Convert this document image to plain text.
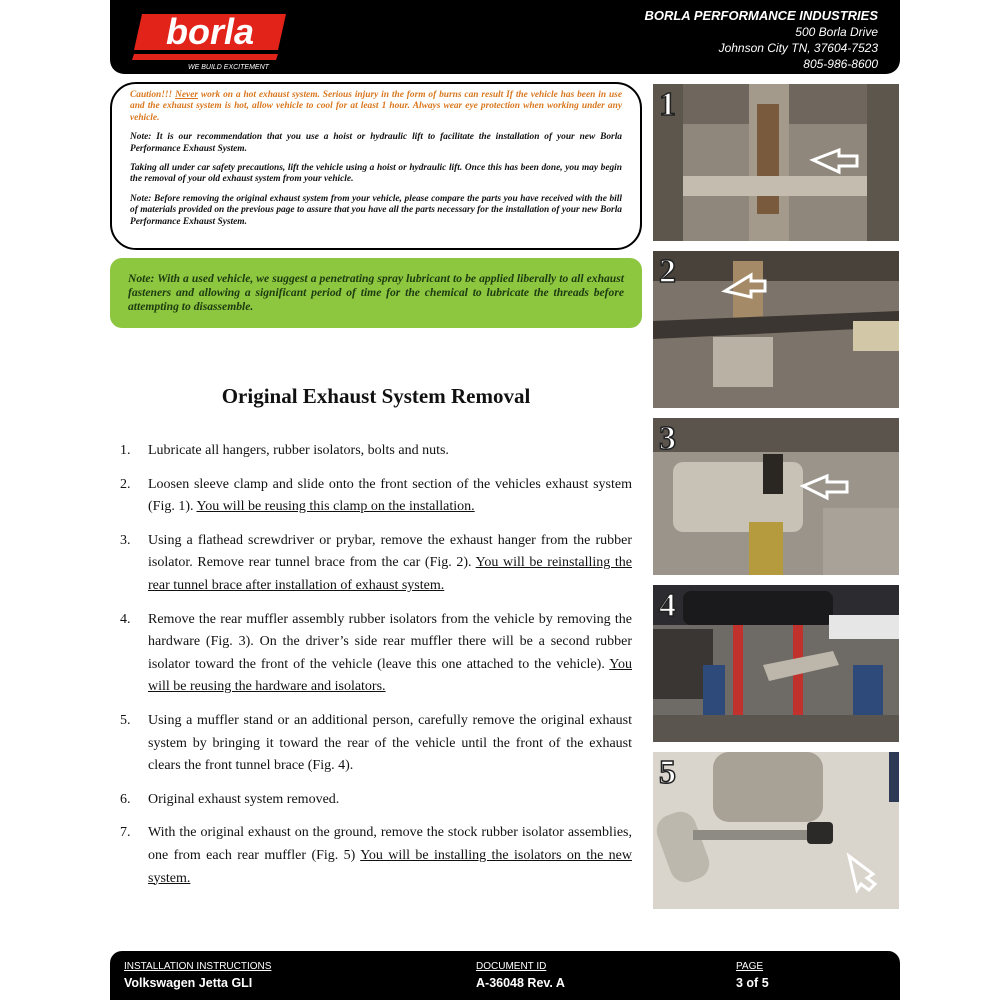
borla
WE BUILD EXCITEMENT
BORLA PERFORMANCE INDUSTRIES
500 Borla Drive
Johnson City TN, 37604-7523
805-986-8600

Caution!!! Never work on a hot exhaust system. Serious injury in the form of burns can result If the vehicle has been in use and the exhaust system is hot, allow vehicle to cool for at least 1 hour. Always wear eye protection when working under any vehicle.

Note: It is our recommendation that you use a hoist or hydraulic lift to facilitate the installation of your new Borla Performance Exhaust System.

Taking all under car safety precautions, lift the vehicle using a hoist or hydraulic lift. Once this has been done, you may begin the removal of your old exhaust system from your vehicle.

Note: Before removing the original exhaust system from your vehicle, please compare the parts you have received with the bill of materials provided on the previous page to assure that you have all the parts necessary for the installation of your new Borla Performance Exhaust System.

Note: With a used vehicle, we suggest a penetrating spray lubricant to be applied liberally to all exhaust fasteners and allowing a significant period of time for the chemical to lubricate the threads before attempting to disassemble.
Original Exhaust System Removal
1. Lubricate all hangers, rubber isolators, bolts and nuts.
2. Loosen sleeve clamp and slide onto the front section of the vehicles exhaust system (Fig. 1). You will be reusing this clamp on the installation.
3. Using a flathead screwdriver or prybar, remove the exhaust hanger from the rubber isolator. Remove rear tunnel brace from the car (Fig. 2). You will be reinstalling the rear tunnel brace after installation of exhaust system.
4. Remove the rear muffler assembly rubber isolators from the vehicle by removing the hardware (Fig. 3). On the driver’s side rear muffler there will be a second rubber isolator toward the front of the vehicle (leave this one attached to the vehicle). You will be reusing the hardware and isolators.
5. Using a muffler stand or an additional person, carefully remove the original exhaust system by bringing it toward the rear of the vehicle until the front of the exhaust clears the front tunnel brace (Fig. 4).
6. Original exhaust system removed.
7. With the original exhaust on the ground, remove the stock rubber isolator assemblies, one from each rear muffler (Fig. 5) You will be installing the isolators on the new system.
1
2
3
4
5
INSTALLATION INSTRUCTIONS
Volkswagen Jetta GLI
DOCUMENT ID
A-36048 Rev. A
PAGE
3 of 5
